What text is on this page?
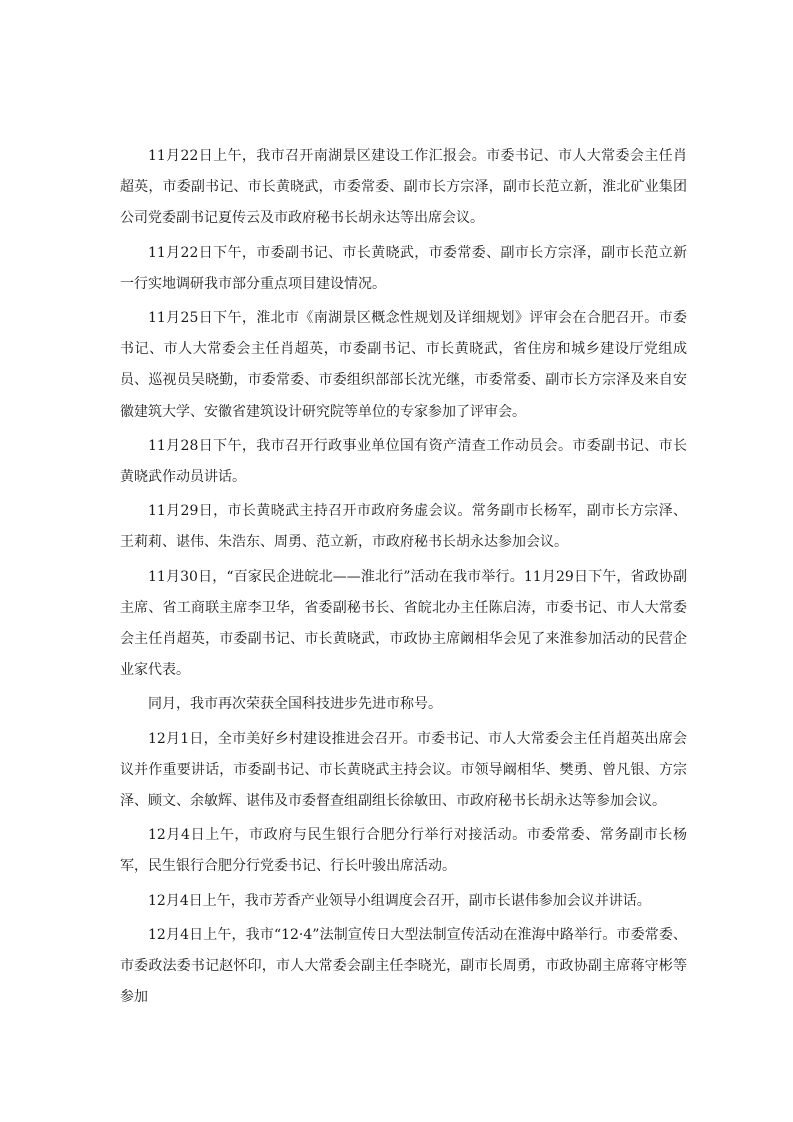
11月22日上午，我市召开南湖景区建设工作汇报会。市委书记、市人大常委会主任肖超英，市委副书记、市长黄晓武，市委常委、副市长方宗泽，副市长范立新，淮北矿业集团公司党委副书记夏传云及市政府秘书长胡永达等出席会议。

11月22日下午，市委副书记、市长黄晓武，市委常委、副市长方宗泽，副市长范立新一行实地调研我市部分重点项目建设情况。

11月25日下午，淮北市《南湖景区概念性规划及详细规划》评审会在合肥召开。市委书记、市人大常委会主任肖超英，市委副书记、市长黄晓武，省住房和城乡建设厅党组成员、巡视员吴晓勤，市委常委、市委组织部部长沈光继，市委常委、副市长方宗泽及来自安徽建筑大学、安徽省建筑设计研究院等单位的专家参加了评审会。

11月28日下午，我市召开行政事业单位国有资产清查工作动员会。市委副书记、市长黄晓武作动员讲话。

11月29日，市长黄晓武主持召开市政府务虚会议。常务副市长杨军，副市长方宗泽、王莉莉、谌伟、朱浩东、周勇、范立新，市政府秘书长胡永达参加会议。

11月30日，“百家民企进皖北——淮北行”活动在我市举行。11月29日下午，省政协副主席、省工商联主席李卫华，省委副秘书长、省皖北办主任陈启涛，市委书记、市人大常委会主任肖超英，市委副书记、市长黄晓武，市政协主席阚相华会见了来淮参加活动的民营企业家代表。

同月，我市再次荣获全国科技进步先进市称号。

12月1日，全市美好乡村建设推进会召开。市委书记、市人大常委会主任肖超英出席会议并作重要讲话，市委副书记、市长黄晓武主持会议。市领导阚相华、樊勇、曾凡银、方宗泽、顾文、余敏辉、谌伟及市委督查组副组长徐敏田、市政府秘书长胡永达等参加会议。

12月4日上午，市政府与民生银行合肥分行举行对接活动。市委常委、常务副市长杨军，民生银行合肥分行党委书记、行长叶骏出席活动。

12月4日上午，我市芳香产业领导小组调度会召开，副市长谌伟参加会议并讲话。

12月4日上午，我市“12·4”法制宣传日大型法制宣传活动在淮海中路举行。市委常委、市委政法委书记赵怀印，市人大常委会副主任李晓光，副市长周勇，市政协副主席蒋守彬等参加
